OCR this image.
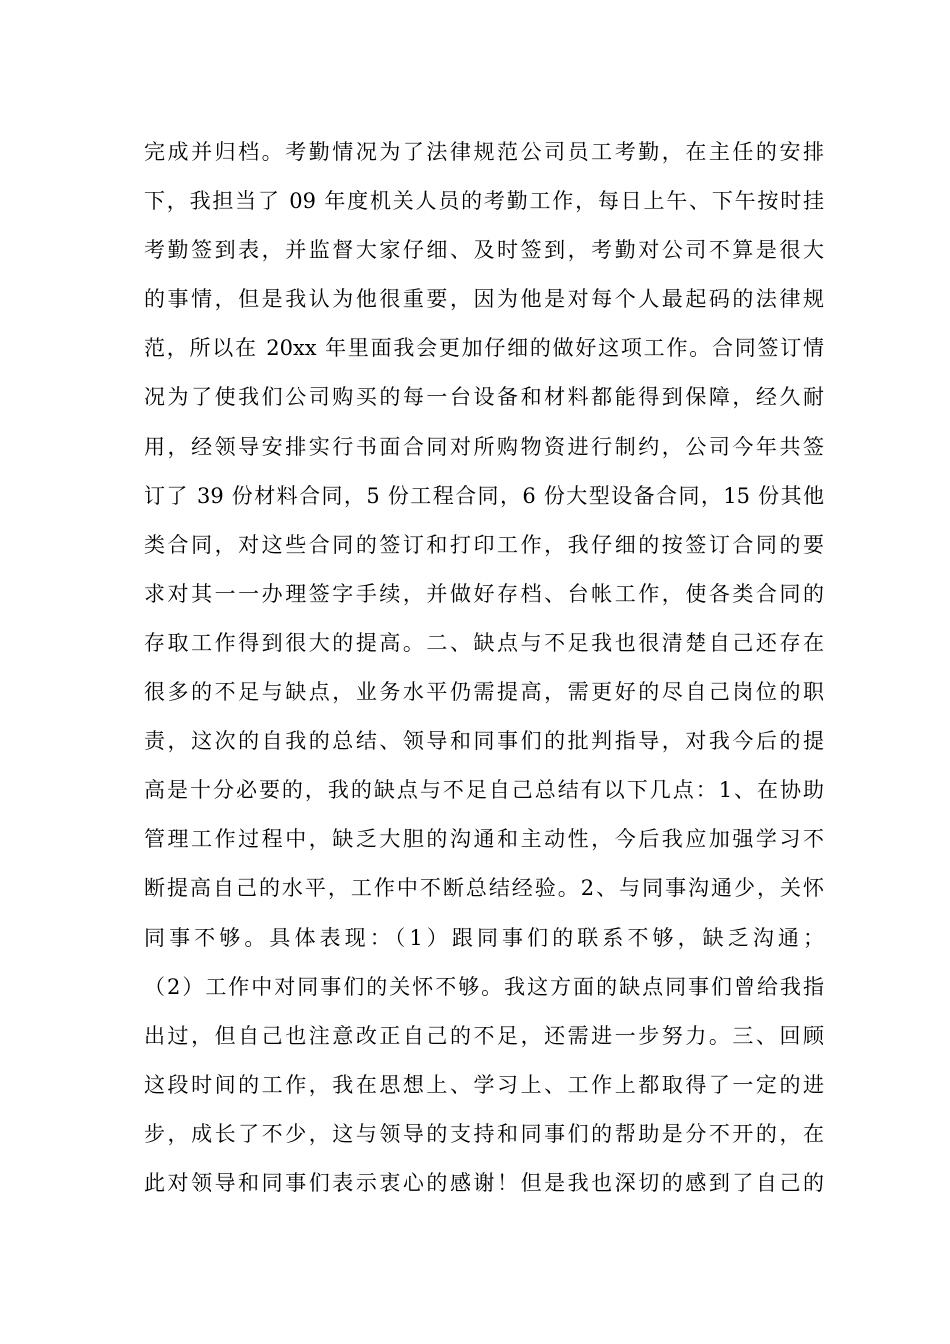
完成并归档。考勤情况为了法律规范公司员工考勤，在主任的安排
下，我担当了 09 年度机关人员的考勤工作，每日上午、下午按时挂
考勤签到表，并监督大家仔细、及时签到，考勤对公司不算是很大
的事情，但是我认为他很重要，因为他是对每个人最起码的法律规
范，所以在 20xx 年里面我会更加仔细的做好这项工作。合同签订情
况为了使我们公司购买的每一台设备和材料都能得到保障，经久耐
用，经领导安排实行书面合同对所购物资进行制约，公司今年共签
订了 39 份材料合同，5 份工程合同，6 份大型设备合同，15 份其他
类合同，对这些合同的签订和打印工作，我仔细的按签订合同的要
求对其一一办理签字手续，并做好存档、台帐工作，使各类合同的
存取工作得到很大的提高。二、缺点与不足我也很清楚自己还存在
很多的不足与缺点，业务水平仍需提高，需更好的尽自己岗位的职
责，这次的自我的总结、领导和同事们的批判指导，对我今后的提
高是十分必要的，我的缺点与不足自己总结有以下几点：1、在协助
管理工作过程中，缺乏大胆的沟通和主动性，今后我应加强学习不
断提高自己的水平，工作中不断总结经验。2、与同事沟通少，关怀
同事不够。具体表现：（1）跟同事们的联系不够，缺乏沟通；
（2）工作中对同事们的关怀不够。我这方面的缺点同事们曾给我指
出过，但自己也注意改正自己的不足，还需进一步努力。三、回顾
这段时间的工作，我在思想上、学习上、工作上都取得了一定的进
步，成长了不少，这与领导的支持和同事们的帮助是分不开的，在
此对领导和同事们表示衷心的感谢！但是我也深切的感到了自己的
